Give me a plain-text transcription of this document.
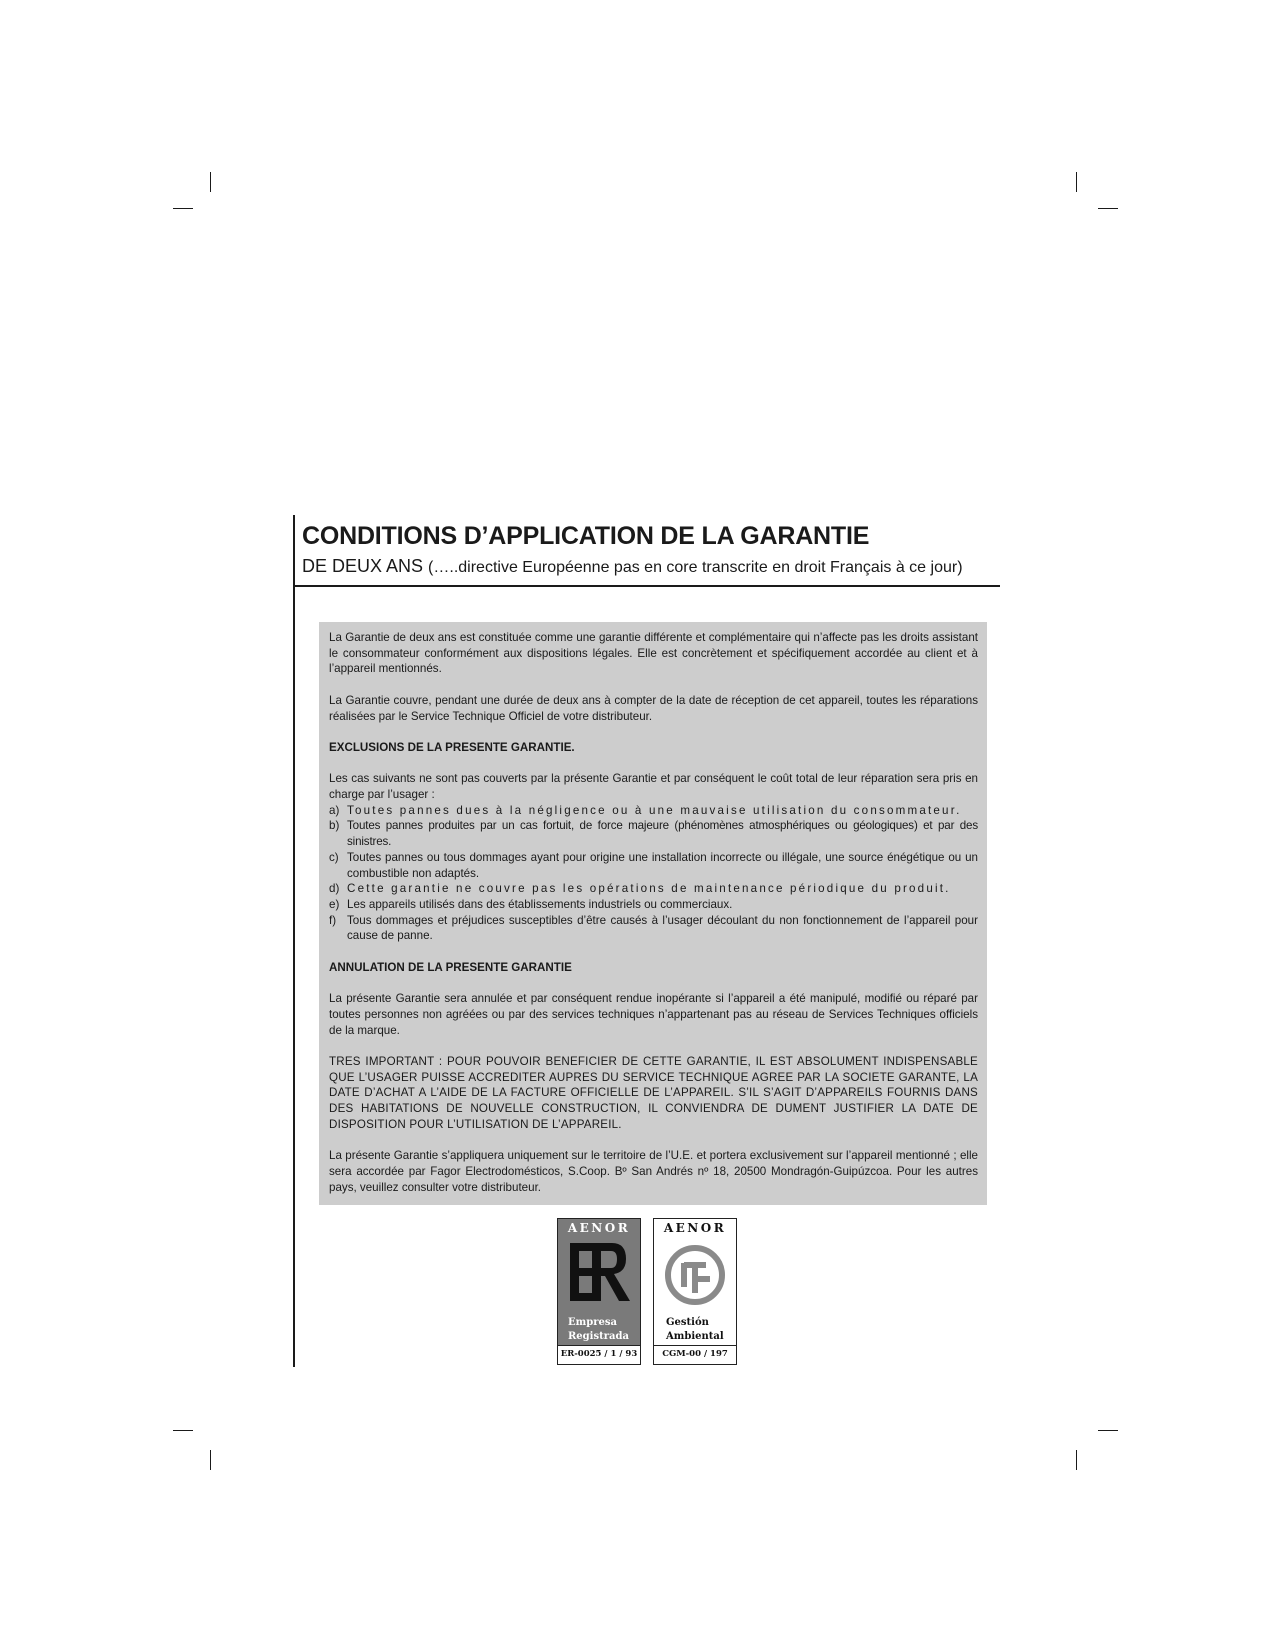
CONDITIONS D’APPLICATION DE LA GARANTIE
DE DEUX ANS (…..directive Européenne pas en core transcrite en droit Français à ce jour)

La Garantie de deux ans est constituée comme une garantie différente et complémentaire qui n’affecte pas les droits assistant le consommateur conformément aux dispositions légales. Elle est concrètement et spécifiquement accordée au client et à l’appareil mentionnés.

La Garantie couvre, pendant une durée de deux ans à compter de la date de réception de cet appareil, toutes les réparations réalisées par le Service Technique Officiel de votre distributeur.

EXCLUSIONS DE LA PRESENTE GARANTIE.

Les cas suivants ne sont pas couverts par la présente Garantie et par conséquent le coût total de leur réparation sera pris en charge par l’usager :

a) Toutes pannes dues à la négligence ou à une mauvaise utilisation du consommateur.
b) Toutes pannes produites par un cas fortuit, de force majeure (phénomènes atmosphériques ou géologiques) et par des sinistres.
c) Toutes pannes ou tous dommages ayant pour origine une installation incorrecte ou illégale, une source énégétique ou un combustible non adaptés.
d) Cette garantie ne couvre pas les opérations de maintenance périodique du produit.
e) Les appareils utilisés dans des établissements industriels ou commerciaux.
f) Tous dommages et préjudices susceptibles d’être causés à l’usager découlant du non fonctionnement de l’appareil pour cause de panne.

ANNULATION DE LA PRESENTE GARANTIE

La présente Garantie sera annulée et par conséquent rendue inopérante si l’appareil a été manipulé, modifié ou réparé par toutes personnes non agréées ou par des services techniques n’appartenant pas au réseau de Services Techniques officiels de la marque.

TRES IMPORTANT : POUR POUVOIR BENEFICIER DE CETTE GARANTIE, IL EST ABSOLUMENT INDISPENSABLE QUE L’USAGER PUISSE ACCREDITER AUPRES DU SERVICE TECHNIQUE AGREE PAR LA SOCIETE GARANTE, LA DATE D’ACHAT A L’AIDE DE LA FACTURE OFFICIELLE DE L’APPAREIL. S’IL S’AGIT D’APPAREILS FOURNIS DANS DES HABITATIONS DE NOUVELLE CONSTRUCTION, IL CONVIENDRA DE DUMENT JUSTIFIER LA DATE DE DISPOSITION POUR L’UTILISATION DE L’APPAREIL.

La présente Garantie s’appliquera uniquement sur le territoire de l’U.E. et portera exclusivement sur l’appareil mentionné ; elle sera accordée par Fagor Electrodomésticos, S.Coop. Bº San Andrés nº 18, 20500 Mondragón-Guipúzcoa. Pour les autres pays, veuillez consulter votre distributeur.

AENOR
Empresa
Registrada
ER-0025 / 1 / 93
AENOR
Gestión
Ambiental
CGM-00 / 197
